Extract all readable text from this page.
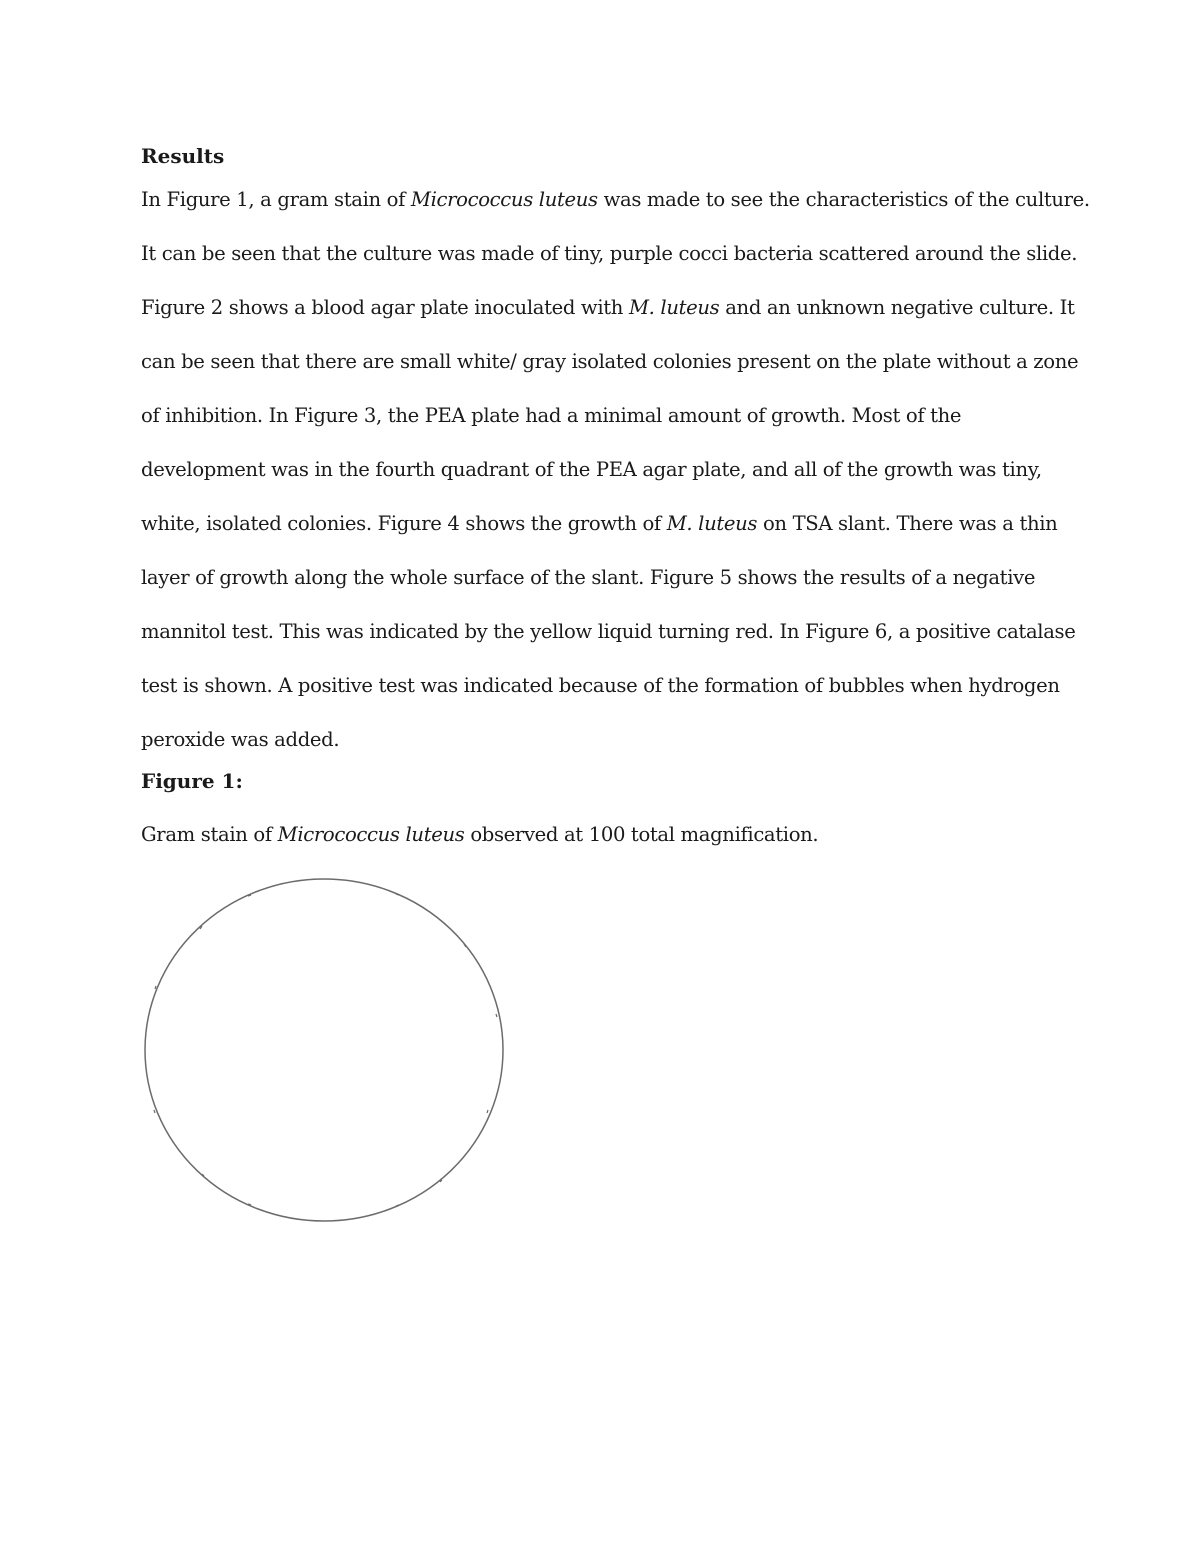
Results

In Figure 1, a gram stain of Micrococcus luteus was made to see the characteristics of the culture.
It can be seen that the culture was made of tiny, purple cocci bacteria scattered around the slide.
Figure 2 shows a blood agar plate inoculated with M. luteus and an unknown negative culture. It
can be seen that there are small white/ gray isolated colonies present on the plate without a zone
of inhibition. In Figure 3, the PEA plate had a minimal amount of growth. Most of the
development was in the fourth quadrant of the PEA agar plate, and all of the growth was tiny,
white, isolated colonies. Figure 4 shows the growth of M. luteus on TSA slant. There was a thin
layer of growth along the whole surface of the slant. Figure 5 shows the results of a negative
mannitol test. This was indicated by the yellow liquid turning red. In Figure 6, a positive catalase
test is shown. A positive test was indicated because of the formation of bubbles when hydrogen
peroxide was added.

Figure 1:

Gram stain of Micrococcus luteus observed at 100 total magnification.
